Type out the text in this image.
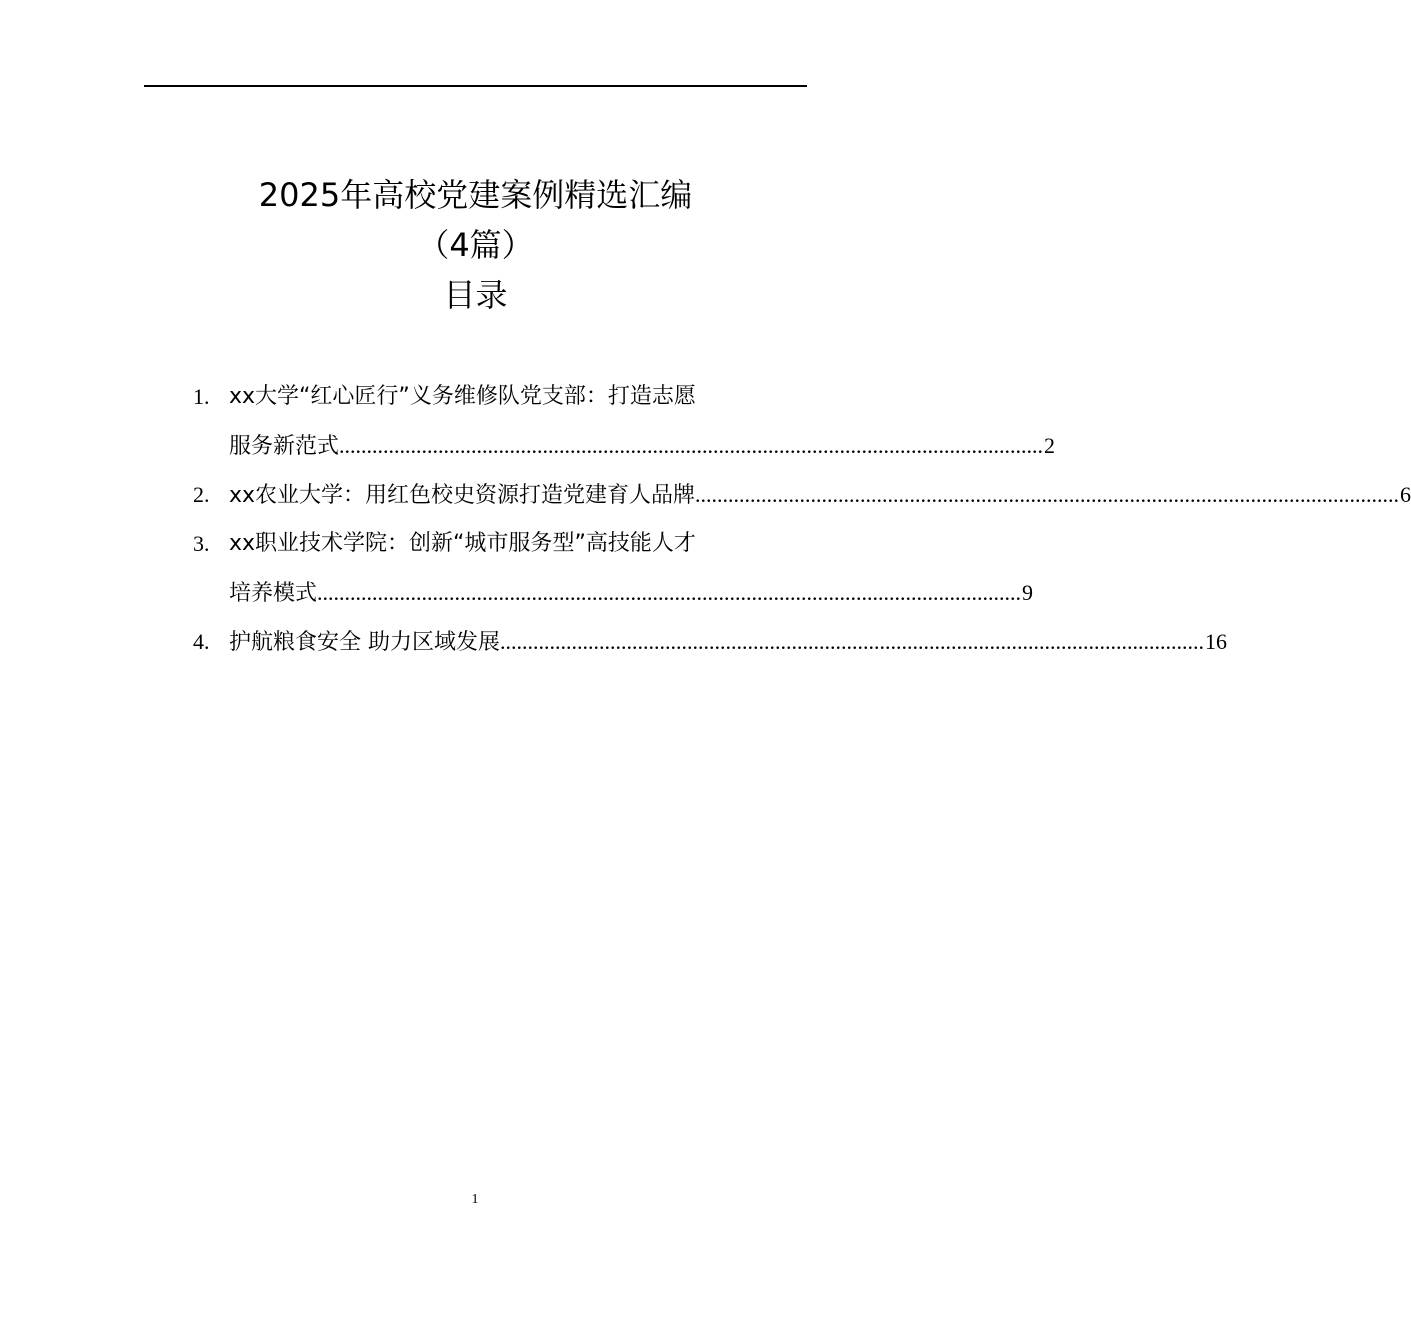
2025年高校党建案例精选汇编
（4篇）
目录
1. xx大学“红心匠行”义务维修队党支部：打造志愿
服务新范式 ................................................................................................................................ 2
2. xx农业大学：用红色校史资源打造党建育人品牌 ................................................................................................................................ 6
3. xx职业技术学院：创新“城市服务型”高技能人才
培养模式 ................................................................................................................................ 9
4. 护航粮食安全 助力区域发展 ................................................................................................................................ 16
1
